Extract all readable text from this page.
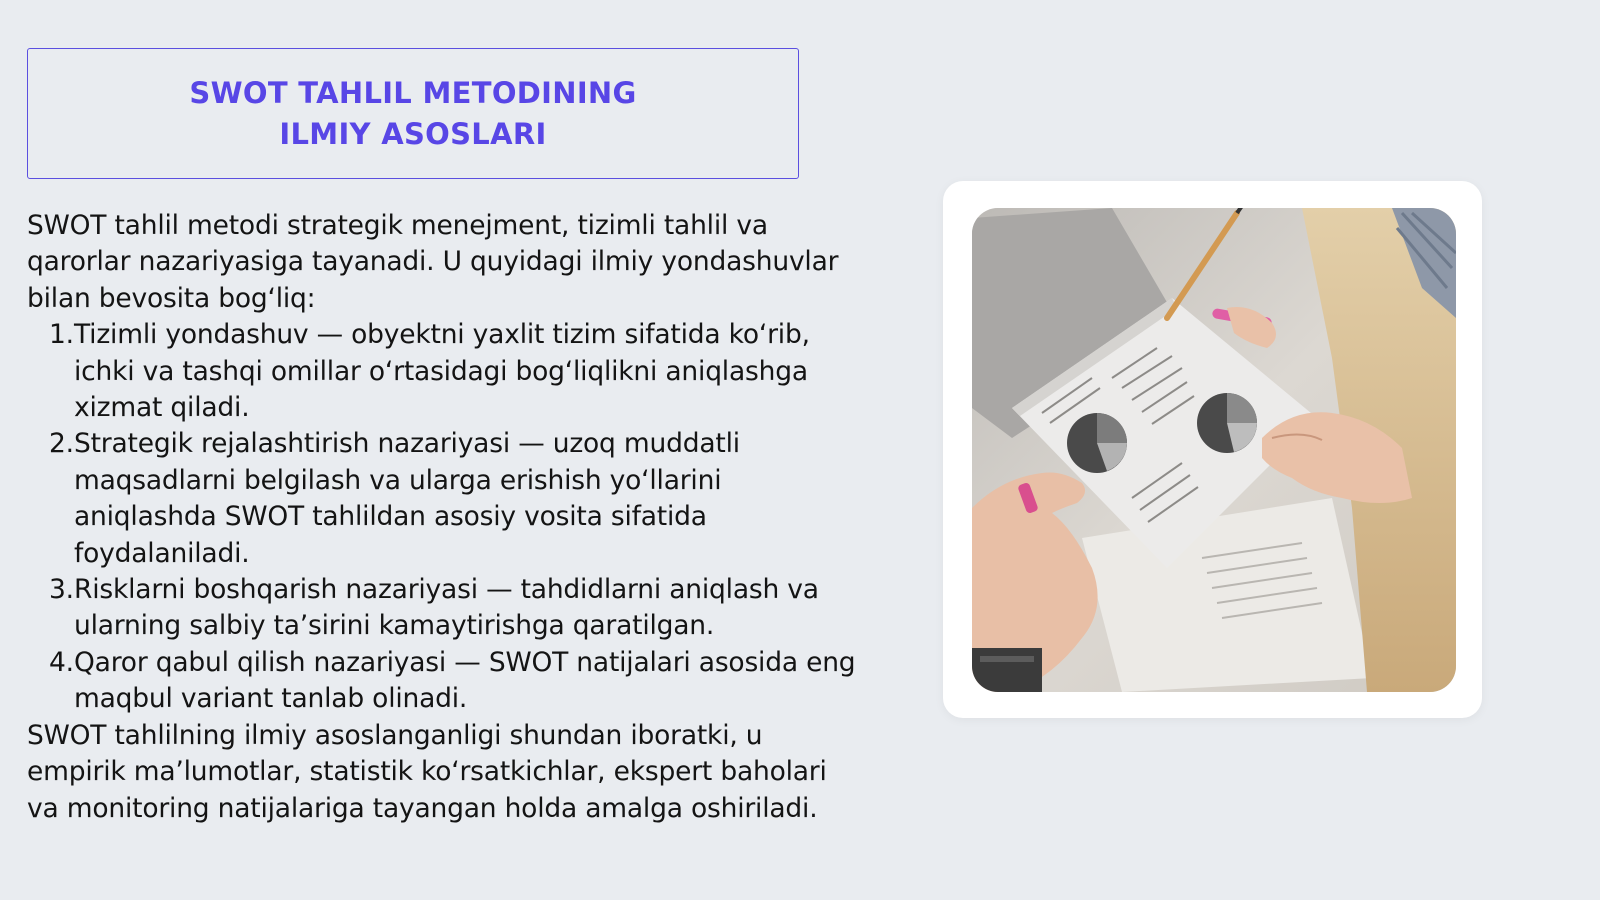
SWOT TAHLIL METODINING
ILMIY ASOSLARI

SWOT tahlil metodi strategik menejment, tizimli tahlil va
qarorlar nazariyasiga tayanadi. U quyidagi ilmiy yondashuvlar
bilan bevosita bog‘liq:

1. Tizimli yondashuv — obyektni yaxlit tizim sifatida ko‘rib,
ichki va tashqi omillar o‘rtasidagi bog‘liqlikni aniqlashga
xizmat qiladi.
2. Strategik rejalashtirish nazariyasi — uzoq muddatli
maqsadlarni belgilash va ularga erishish yo‘llarini
aniqlashda SWOT tahlildan asosiy vosita sifatida
foydalaniladi.
3. Risklarni boshqarish nazariyasi — tahdidlarni aniqlash va
ularning salbiy ta’sirini kamaytirishga qaratilgan.
4. Qaror qabul qilish nazariyasi — SWOT natijalari asosida eng
maqbul variant tanlab olinadi.

SWOT tahlilning ilmiy asoslanganligi shundan iboratki, u
empirik ma’lumotlar, statistik ko‘rsatkichlar, ekspert baholari
va monitoring natijalariga tayangan holda amalga oshiriladi.
